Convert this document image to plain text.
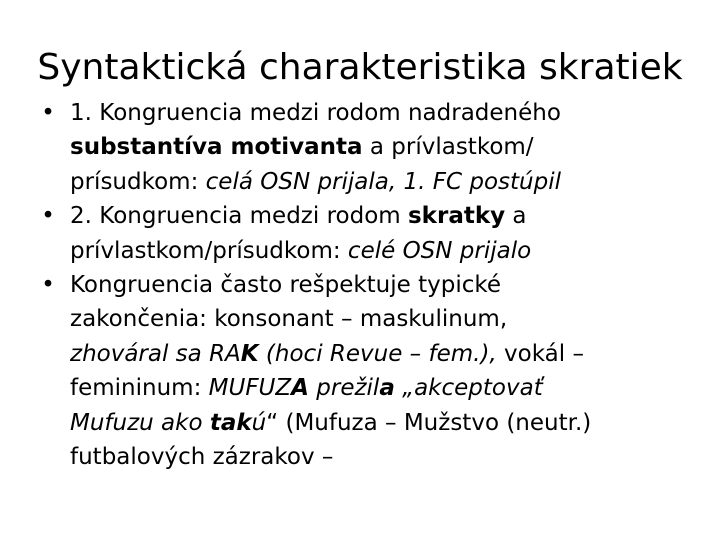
Syntaktická charakteristika skratiek
• 1. Kongruencia medzi rodom nadradeného
substantíva motivanta a prívlastkom/
prísudkom: celá OSN prijala, 1. FC postúpil
• 2. Kongruencia medzi rodom skratky a
prívlastkom/prísudkom: celé OSN prijalo
• Kongruencia často rešpektuje typické
zakončenia: konsonant – maskulinum,
zhováral sa RAK (hoci Revue – fem.), vokál –
femininum: MUFUZA prežila „akceptovať
Mufuzu ako takú“ (Mufuza – Mužstvo (neutr.)
futbalových zázrakov –
